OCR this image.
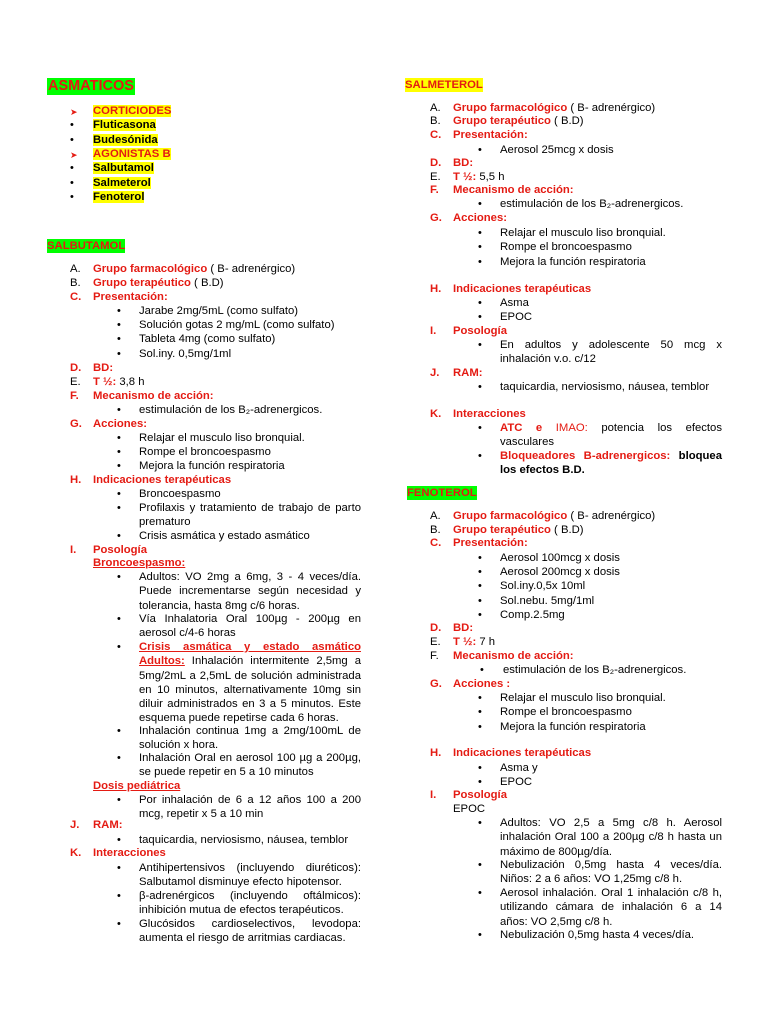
ASMATICOS
➤ CORTICIODES
• Fluticasona
• Budesónida
➤ AGONISTAS B
• Salbutamol
• Salmeterol
• Fenoterol
SALBUTAMOL
A. Grupo farmacológico ( B- adrenérgico)
B. Grupo terapéutico ( B.D)
C. Presentación:
• Jarabe 2mg/5mL (como sulfato)
• Solución gotas 2 mg/mL (como sulfato)
• Tableta 4mg (como sulfato)
• Sol.iny. 0,5mg/1ml
D. BD:
E. T ½: 3,8 h
F. Mecanismo de acción:
• estimulación de los B₂-adrenergicos.
G. Acciones:
• Relajar el musculo liso bronquial.
• Rompe el broncoespasmo
• Mejora la función respiratoria
H. Indicaciones terapéuticas
• Broncoespasmo
• Profilaxis y tratamiento de trabajo de parto prematuro
• Crisis asmática y estado asmático
I. Posología
Broncoespasmo:
• Adultos: VO 2mg a 6mg, 3 - 4 veces/día. Puede incrementarse según necesidad y tolerancia, hasta 8mg c/6 horas.
• Vía Inhalatoria Oral 100µg - 200µg en aerosol c/4-6 horas
• Crisis asmática y estado asmático Adultos: Inhalación intermitente 2,5mg a 5mg/2mL a 2,5mL de solución administrada en 10 minutos, alternativamente 10mg sin diluir administrados en 3 a 5 minutos. Este esquema puede repetirse cada 6 horas.
• Inhalación continua 1mg a 2mg/100mL de solución x hora.
• Inhalación Oral en aerosol 100 µg a 200µg, se puede repetir en 5 a 10 minutos
Dosis pediátrica
• Por inhalación de 6 a 12 años 100 a 200 mcg, repetir x 5 a 10 min
J. RAM:
• taquicardia, nerviosismo, náusea, temblor
K. Interacciones
• Antihipertensivos (incluyendo diuréticos): Salbutamol disminuye efecto hipotensor.
• β-adrenérgicos (incluyendo oftálmicos): inhibición mutua de efectos terapéuticos.
• Glucósidos cardioselectivos, levodopa: aumenta el riesgo de arritmias cardiacas.
SALMETEROL
A. Grupo farmacológico ( B- adrenérgico)
B. Grupo terapéutico ( B.D)
C. Presentación:
• Aerosol 25mcg x dosis
D. BD:
E. T ½: 5,5 h
F. Mecanismo de acción:
• estimulación de los B₂-adrenergicos.
G. Acciones:
• Relajar el musculo liso bronquial.
• Rompe el broncoespasmo
• Mejora la función respiratoria
H. Indicaciones terapéuticas
• Asma
• EPOC
I. Posología
• En adultos y adolescente 50 mcg x inhalación v.o. c/12
J. RAM:
• taquicardia, nerviosismo, náusea, temblor
K. Interacciones
• ATC e IMAO: potencia los efectos vasculares
• Bloqueadores B-adrenergicos: bloquea los efectos B.D.
FENOTEROL
A. Grupo farmacológico ( B- adrenérgico)
B. Grupo terapéutico ( B.D)
C. Presentación:
• Aerosol 100mcg x dosis
• Aerosol 200mcg x dosis
• Sol.iny.0,5x 10ml
• Sol.nebu. 5mg/1ml
• Comp.2.5mg
D. BD:
E. T ½: 7 h
F. Mecanismo de acción:
• estimulación de los B₂-adrenergicos.
G. Acciones :
• Relajar el musculo liso bronquial.
• Rompe el broncoespasmo
• Mejora la función respiratoria
H. Indicaciones terapéuticas
• Asma y
• EPOC
I. Posología
EPOC
• Adultos: VO 2,5 a 5mg c/8 h. Aerosol inhalación Oral 100 a 200µg c/8 h hasta un máximo de 800µg/día.
• Nebulización 0,5mg hasta 4 veces/día. Niños: 2 a 6 años: VO 1,25mg c/8 h.
• Aerosol inhalación. Oral 1 inhalación c/8 h, utilizando cámara de inhalación 6 a 14 años: VO 2,5mg c/8 h.
• Nebulización 0,5mg hasta 4 veces/día.
